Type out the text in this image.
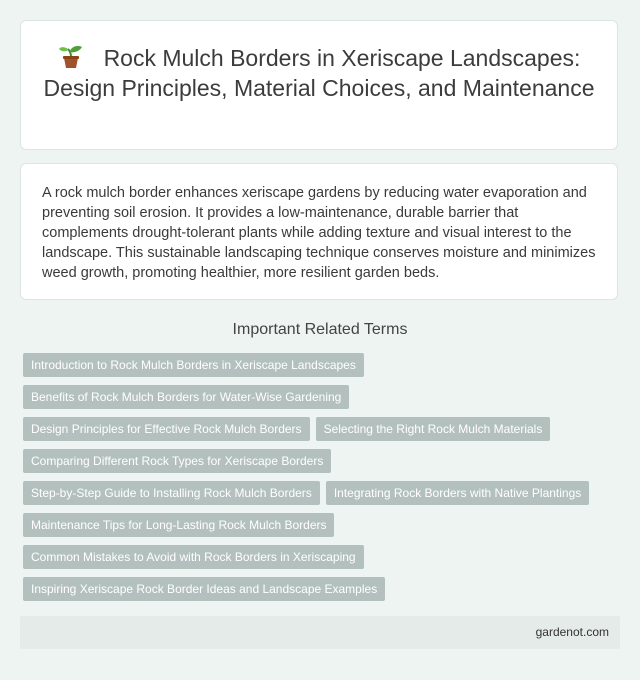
Rock Mulch Borders in Xeriscape Landscapes: Design Principles, Material Choices, and Maintenance
A rock mulch border enhances xeriscape gardens by reducing water evaporation and preventing soil erosion. It provides a low-maintenance, durable barrier that complements drought-tolerant plants while adding texture and visual interest to the landscape. This sustainable landscaping technique conserves moisture and minimizes weed growth, promoting healthier, more resilient garden beds.
Important Related Terms
Introduction to Rock Mulch Borders in Xeriscape Landscapes
Benefits of Rock Mulch Borders for Water-Wise Gardening
Design Principles for Effective Rock Mulch Borders Selecting the Right Rock Mulch Materials
Comparing Different Rock Types for Xeriscape Borders
Step-by-Step Guide to Installing Rock Mulch Borders Integrating Rock Borders with Native Plantings
Maintenance Tips for Long-Lasting Rock Mulch Borders
Common Mistakes to Avoid with Rock Borders in Xeriscaping
Inspiring Xeriscape Rock Border Ideas and Landscape Examples
gardenot.com
